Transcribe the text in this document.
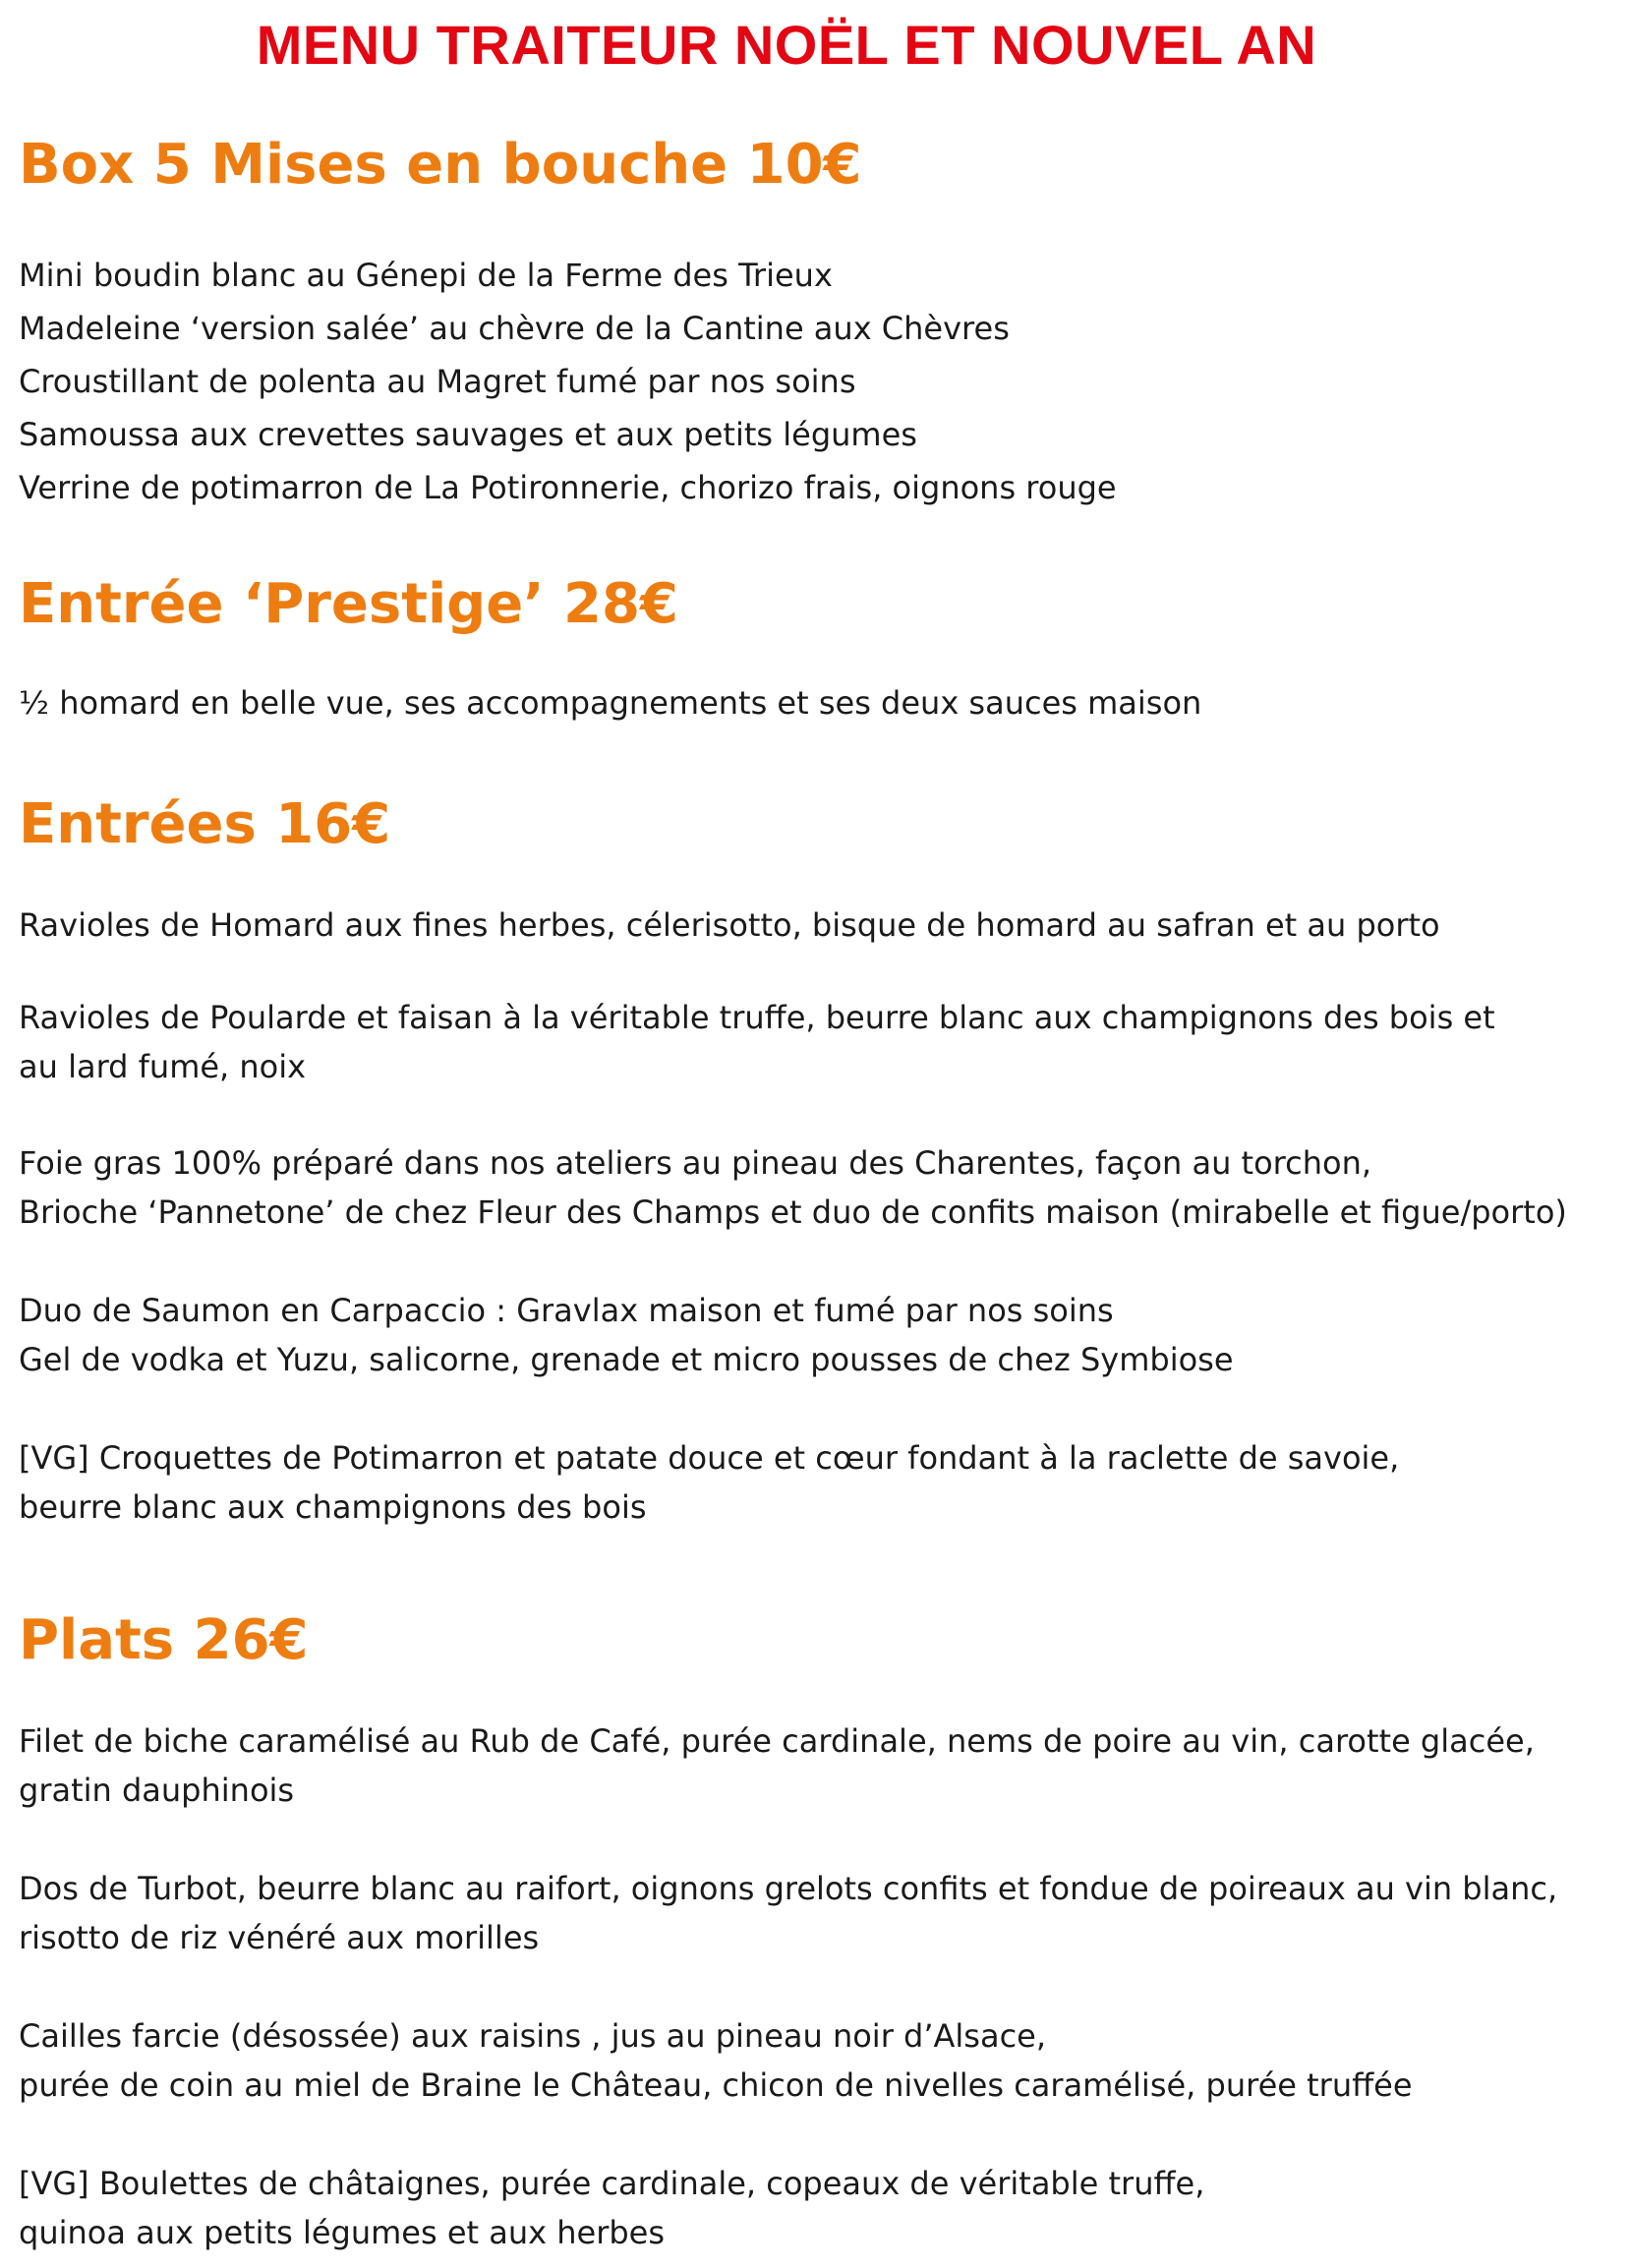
MENU TRAITEUR NOËL ET NOUVEL AN
Box 5 Mises en bouche 10€

Mini boudin blanc au Génepi de la Ferme des Trieux

Madeleine ‘version salée’ au chèvre de la Cantine aux Chèvres

Croustillant de polenta au Magret fumé par nos soins

Samoussa aux crevettes sauvages et aux petits légumes

Verrine de potimarron de La Potironnerie, chorizo frais, oignons rouge

Entrée ‘Prestige’ 28€

½ homard en belle vue, ses accompagnements et ses deux sauces maison

Entrées 16€

Ravioles de Homard aux fines herbes, célerisotto, bisque de homard au safran et au porto

Ravioles de Poularde et faisan à la véritable truffe, beurre blanc aux champignons des bois et

au lard fumé, noix

Foie gras 100% préparé dans nos ateliers au pineau des Charentes, façon au torchon,

Brioche ‘Pannetone’ de chez Fleur des Champs et duo de confits maison (mirabelle et figue/porto)

Duo de Saumon en Carpaccio : Gravlax maison et fumé par nos soins

Gel de vodka et Yuzu, salicorne, grenade et micro pousses de chez Symbiose

[VG] Croquettes de Potimarron et patate douce et cœur fondant à la raclette de savoie,

beurre blanc aux champignons des bois

Plats 26€

Filet de biche caramélisé au Rub de Café, purée cardinale, nems de poire au vin, carotte glacée,

gratin dauphinois

Dos de Turbot, beurre blanc au raifort, oignons grelots confits et fondue de poireaux au vin blanc,

risotto de riz vénéré aux morilles

Cailles farcie (désossée) aux raisins , jus au pineau noir d’Alsace,

purée de coin au miel de Braine le Château, chicon de nivelles caramélisé, purée truffée

[VG] Boulettes de châtaignes, purée cardinale, copeaux de véritable truffe,

quinoa aux petits légumes et aux herbes
